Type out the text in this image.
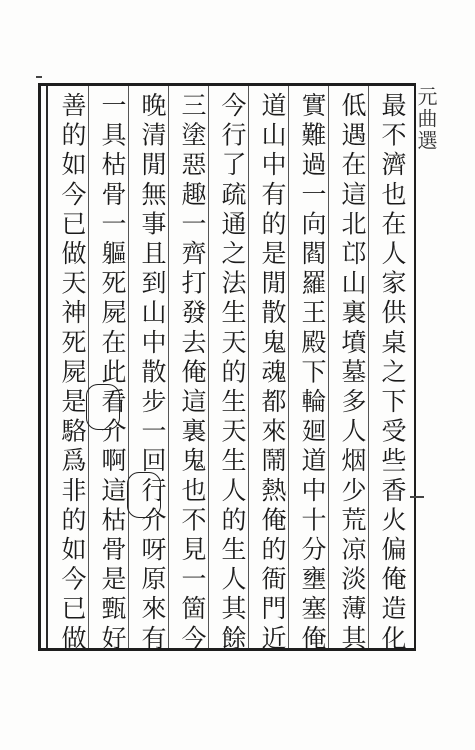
元曲選
最不濟也在人家供桌之下受些香火偏俺造化
低遇在這北邙山裏墳墓多人烟少荒凉淡薄其
實難過一向閻羅王殿下輪廻道中十分壅塞俺
道山中有的是閒散鬼魂都來鬧熱俺的衙門近
今行了疏通之法生天的生天生人的生人其餘
三塗惡趣一齊打發去俺這裏鬼也不見一箇今
晚清閒無事且到山中散步一回行介呀原來有
一具枯骨一軀死屍在此看介啊這枯骨是甄好
善的如今已做天神死屍是駱爲非的如今已做
